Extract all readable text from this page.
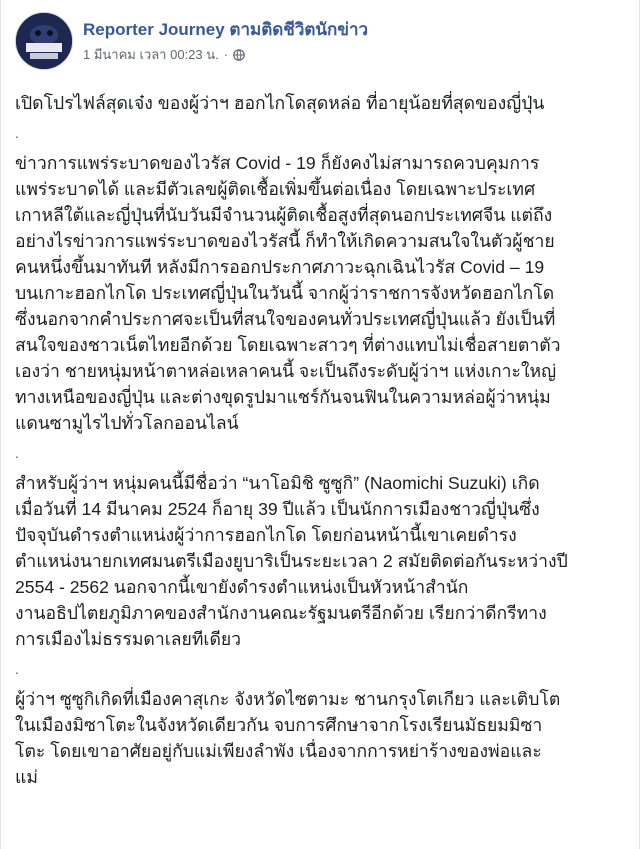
Reporter Journey ตามติดชีวิตนักข่าว
1 มีนาคม เวลา 00:23 น. ·

เปิดโปรไฟล์สุดเจ๋ง ของผู้ว่าฯ ฮอกไกโดสุดหล่อ ที่อายุน้อยที่สุดของญี่ปุ่น

.

ข่าวการแพร่ระบาดของไวรัส Covid - 19 ก็ยังคงไม่สามารถควบคุมการ
แพร่ระบาดได้ และมีตัวเลขผู้ติดเชื้อเพิ่มขึ้นต่อเนื่อง โดยเฉพาะประเทศ
เกาหลีใต้และญี่ปุ่นที่นับวันมีจำนวนผู้ติดเชื้อสูงที่สุดนอกประเทศจีน แต่ถึง
อย่างไรข่าวการแพร่ระบาดของไวรัสนี้ ก็ทำให้เกิดความสนใจในตัวผู้ชาย
คนหนึ่งขึ้นมาทันที หลังมีการออกประกาศภาวะฉุกเฉินไวรัส Covid – 19
บนเกาะฮอกไกโด ประเทศญี่ปุ่นในวันนี้ จากผู้ว่าราชการจังหวัดฮอกไกโด
ซึ่งนอกจากคำประกาศจะเป็นที่สนใจของคนทั่วประเทศญี่ปุ่นแล้ว ยังเป็นที่
สนใจของชาวเน็ตไทยอีกด้วย โดยเฉพาะสาวๆ ที่ต่างแทบไม่เชื่อสายตาตัว
เองว่า ชายหนุ่มหน้าตาหล่อเหลาคนนี้ จะเป็นถึงระดับผู้ว่าฯ แห่งเกาะใหญ่
ทางเหนือของญี่ปุ่น และต่างขุดรูปมาแชร์กันจนฟินในความหล่อผู้ว่าหนุ่ม
แดนซามูไรไปทั่วโลกออนไลน์

.

สำหรับผู้ว่าฯ หนุ่มคนนี้มีชื่อว่า “นาโอมิชิ ซูซูกิ” (Naomichi Suzuki) เกิด
เมื่อวันที่ 14 มีนาคม 2524 ก็อายุ 39 ปีแล้ว เป็นนักการเมืองชาวญี่ปุ่นซึ่ง
ปัจจุบันดำรงตำแหน่งผู้ว่าการฮอกไกโด โดยก่อนหน้านี้เขาเคยดำรง
ตำแหน่งนายกเทศมนตรีเมืองยูบาริเป็นระยะเวลา 2 สมัยติดต่อกันระหว่างปี
2554 - 2562 นอกจากนี้เขายังดำรงตำแหน่งเป็นหัวหน้าสำนัก
งานอธิปไตยภูมิภาคของสำนักงานคณะรัฐมนตรีอีกด้วย เรียกว่าดีกรีทาง
การเมืองไม่ธรรมดาเลยทีเดียว

.

ผู้ว่าฯ ซูซูกิเกิดที่เมืองคาสุเกะ จังหวัดไซตามะ ชานกรุงโตเกียว และเติบโต
ในเมืองมิซาโตะในจังหวัดเดียวกัน จบการศึกษาจากโรงเรียนมัธยมมิซา
โตะ โดยเขาอาศัยอยู่กับแม่เพียงลำพัง เนื่องจากการหย่าร้างของพ่อและ
แม่
